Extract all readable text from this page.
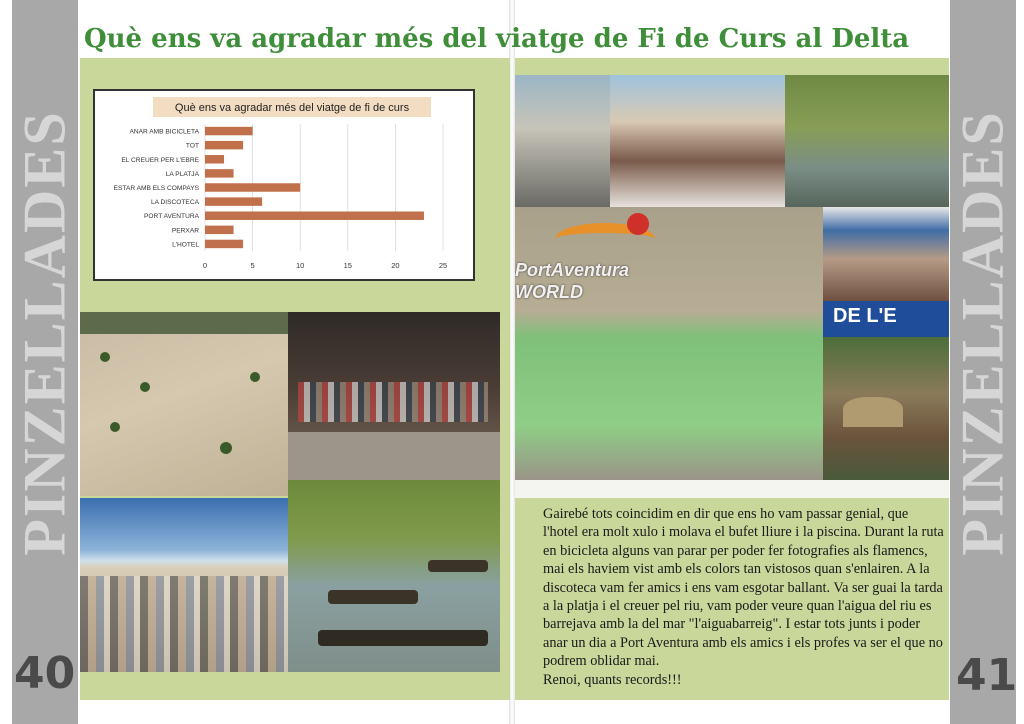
PINZELLADES
40
PINZELLADES
41
Què ens va agradar més del viatge de Fi de Curs al Delta
Què ens va agradar més del viatge de fi de curs
0	5	10	15	20	25
ANAR AMB BICICLETA
TOT
EL CREUER PER L'EBRE
LA PLATJA
ESTAR AMB ELS COMPAYS
LA DISCOTECA
PORT AVENTURA
PERXAR
L'HOTEL
PortAventura WORLD
DE L'E

Gairebé tots coincidim en dir que ens ho vam passar genial, que l'hotel era molt xulo i molava el bufet lliure i la piscina. Durant la ruta en bicicleta alguns van parar per poder fer fotografies als flamencs, mai els haviem vist amb els colors tan vistosos quan s'enlairen. A la discoteca vam fer amics i ens vam esgotar ballant. Va ser guai la tarda a la platja i el creuer pel riu, vam poder veure quan l'aigua del riu es barrejava amb la del mar "l'aiguabarreig". I estar tots junts i poder anar un dia a Port Aventura amb els amics i els profes va ser el que no podrem oblidar mai.

Renoi, quants records!!!
